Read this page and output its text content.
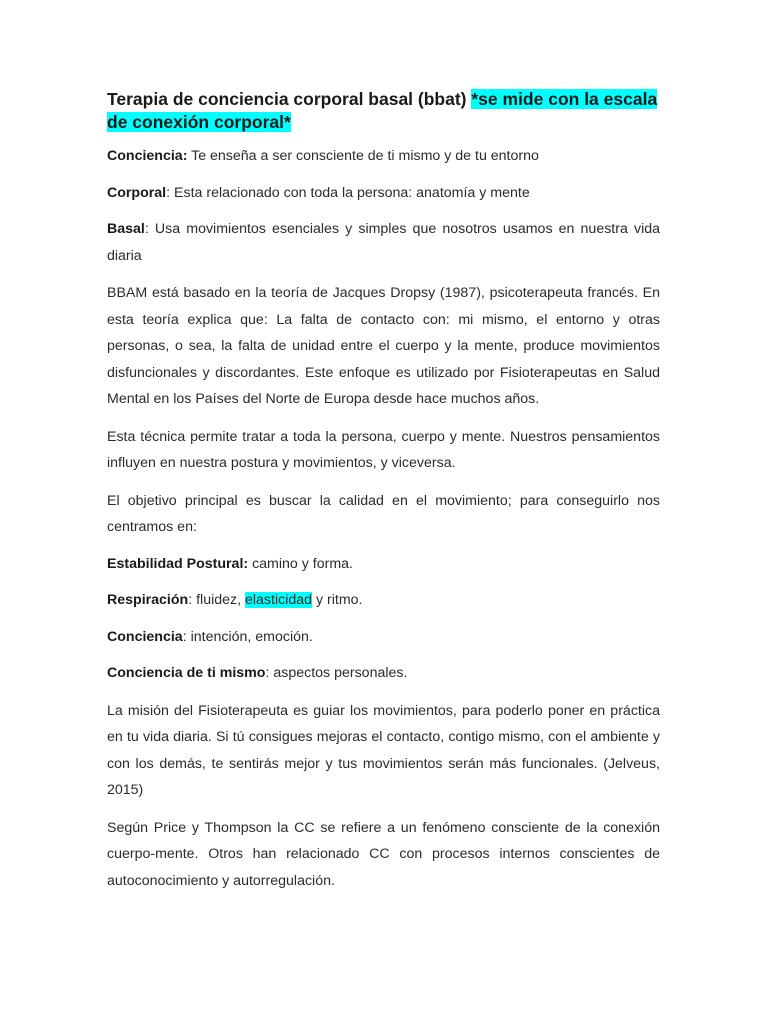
Terapia de conciencia corporal basal (bbat) *se mide con la escala de conexión corporal*

Conciencia: Te enseña a ser consciente de ti mismo y de tu entorno

Corporal: Esta relacionado con toda la persona: anatomía y mente

Basal: Usa movimientos esenciales y simples que nosotros usamos en nuestra vida diaria

BBAM está basado en la teoría de Jacques Dropsy (1987), psicoterapeuta francés. En esta teoría explica que: La falta de contacto con: mi mismo, el entorno y otras personas, o sea, la falta de unidad entre el cuerpo y la mente, produce movimientos disfuncionales y discordantes. Este enfoque es utilizado por Fisioterapeutas en Salud Mental en los Países del Norte de Europa desde hace muchos años.

Esta técnica permite tratar a toda la persona, cuerpo y mente. Nuestros pensamientos influyen en nuestra postura y movimientos, y viceversa.

El objetivo principal es buscar la calidad en el movimiento; para conseguirlo nos centramos en:

Estabilidad Postural: camino y forma.

Respiración: fluidez, elasticidad y ritmo.

Conciencia: intención, emoción.

Conciencia de ti mismo: aspectos personales.

La misión del Fisioterapeuta es guiar los movimientos, para poderlo poner en práctica en tu vida diaria. Si tú consigues mejoras el contacto, contigo mismo, con el ambiente y con los demás, te sentirás mejor y tus movimientos serán más funcionales. (Jelveus, 2015)

Según Price y Thompson la CC se refiere a un fenómeno consciente de la conexión cuerpo-mente. Otros han relacionado CC con procesos internos conscientes de autoconocimiento y autorregulación.
